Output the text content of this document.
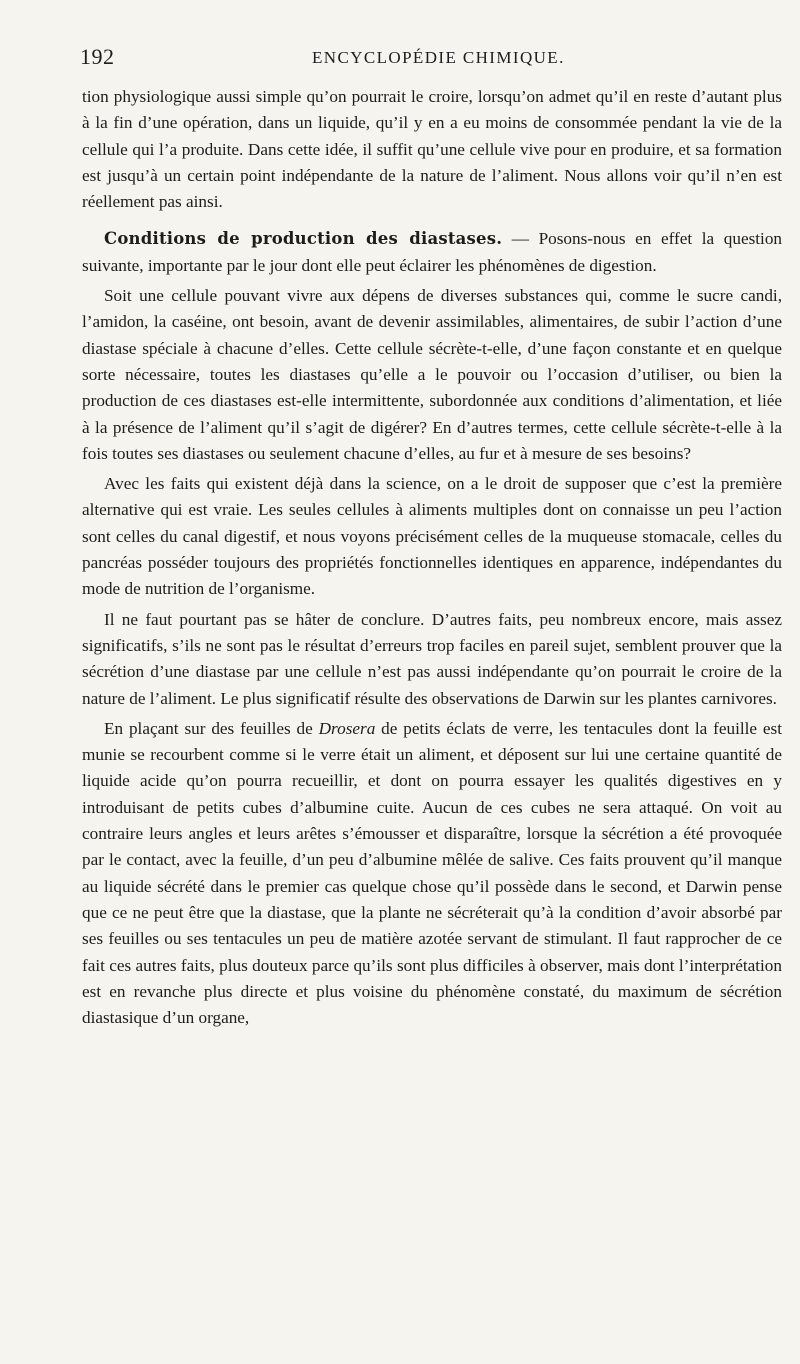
192	ENCYCLOPÉDIE CHIMIQUE.

tion physiologique aussi simple qu’on pourrait le croire, lorsqu’on admet qu’il en reste d’autant plus à la fin d’une opération, dans un liquide, qu’il y en a eu moins de consommée pendant la vie de la cellule qui l’a produite. Dans cette idée, il suffit qu’une cellule vive pour en produire, et sa formation est jusqu’à un certain point indépendante de la nature de l’aliment. Nous allons voir qu’il n’en est réellement pas ainsi.

Conditions de production des diastases. — Posons-nous en effet la question suivante, importante par le jour dont elle peut éclairer les phénomènes de digestion.

Soit une cellule pouvant vivre aux dépens de diverses substances qui, comme le sucre candi, l’amidon, la caséine, ont besoin, avant de devenir assimilables, alimentaires, de subir l’action d’une diastase spéciale à chacune d’elles. Cette cellule sécrète-t-elle, d’une façon constante et en quelque sorte nécessaire, toutes les diastases qu’elle a le pouvoir ou l’occasion d’utiliser, ou bien la production de ces diastases est-elle intermittente, subordonnée aux conditions d’alimentation, et liée à la présence de l’aliment qu’il s’agit de digérer? En d’autres termes, cette cellule sécrète-t-elle à la fois toutes ses diastases ou seulement chacune d’elles, au fur et à mesure de ses besoins?

Avec les faits qui existent déjà dans la science, on a le droit de supposer que c’est la première alternative qui est vraie. Les seules cellules à aliments multiples dont on connaisse un peu l’action sont celles du canal digestif, et nous voyons précisément celles de la muqueuse stomacale, celles du pancréas posséder toujours des propriétés fonctionnelles identiques en apparence, indépendantes du mode de nutrition de l’organisme.

Il ne faut pourtant pas se hâter de conclure. D’autres faits, peu nombreux encore, mais assez significatifs, s’ils ne sont pas le résultat d’erreurs trop faciles en pareil sujet, semblent prouver que la sécrétion d’une diastase par une cellule n’est pas aussi indépendante qu’on pourrait le croire de la nature de l’aliment. Le plus significatif résulte des observations de Darwin sur les plantes carnivores.

En plaçant sur des feuilles de Drosera de petits éclats de verre, les tentacules dont la feuille est munie se recourbent comme si le verre était un aliment, et déposent sur lui une certaine quantité de liquide acide qu’on pourra recueillir, et dont on pourra essayer les qualités digestives en y introduisant de petits cubes d’albumine cuite. Aucun de ces cubes ne sera attaqué. On voit au contraire leurs angles et leurs arêtes s’émousser et disparaître, lorsque la sécrétion a été provoquée par le contact, avec la feuille, d’un peu d’albumine mêlée de salive. Ces faits prouvent qu’il manque au liquide sécrété dans le premier cas quelque chose qu’il possède dans le second, et Darwin pense que ce ne peut être que la diastase, que la plante ne sécréterait qu’à la condition d’avoir absorbé par ses feuilles ou ses tentacules un peu de matière azotée servant de stimulant. Il faut rapprocher de ce fait ces autres faits, plus douteux parce qu’ils sont plus difficiles à observer, mais dont l’interprétation est en revanche plus directe et plus voisine du phénomène constaté, du maximum de sécrétion diastasique d’un organe,
